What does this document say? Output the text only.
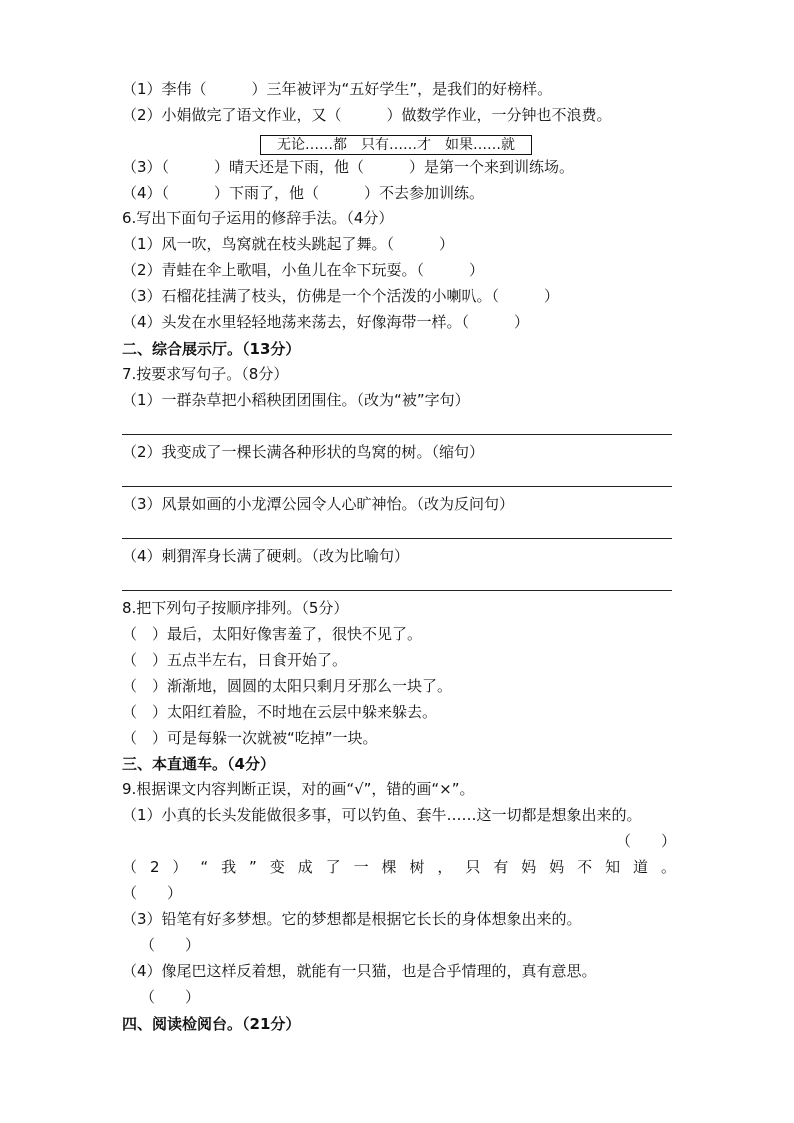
（1）李伟（　　　）三年被评为“五好学生”，是我们的好榜样。
（2）小娟做完了语文作业，又（　　　）做数学作业，一分钟也不浪费。
无论……都　只有……才　如果……就
（3）（　　　）晴天还是下雨，他（　　　）是第一个来到训练场。
（4）（　　　）下雨了，他（　　　）不去参加训练。
6.写出下面句子运用的修辞手法。（4分）
（1）风一吹，鸟窝就在枝头跳起了舞。（　　　）
（2）青蛙在伞上歌唱，小鱼儿在伞下玩耍。（　　　）
（3）石榴花挂满了枝头，仿佛是一个个活泼的小喇叭。（　　　）
（4）头发在水里轻轻地荡来荡去，好像海带一样。（　　　）
二、综合展示厅。（13分）
7.按要求写句子。（8分）
（1）一群杂草把小稻秧团团围住。（改为“被”字句）
（2）我变成了一棵长满各种形状的鸟窝的树。（缩句）
（3）风景如画的小龙潭公园令人心旷神怡。（改为反问句）
（4）刺猬浑身长满了硬刺。（改为比喻句）
8.把下列句子按顺序排列。（5分）
（　）最后，太阳好像害羞了，很快不见了。
（　）五点半左右，日食开始了。
（　）渐渐地，圆圆的太阳只剩月牙那么一块了。
（　）太阳红着脸，不时地在云层中躲来躲去。
（　）可是每躲一次就被“吃掉”一块。
三、本直通车。（4分）
9.根据课文内容判断正误，对的画“√”，错的画“×”。
（1）小真的长头发能做很多事，可以钓鱼、套牛……这一切都是想象出来的。
（　　）
（2）“我”变成了一棵树，只有妈妈不知道。
（　　）
（3）铅笔有好多梦想。它的梦想都是根据它长长的身体想象出来的。
（　　）
（4）像尾巴这样反着想，就能有一只猫，也是合乎情理的，真有意思。
（　　）
四、阅读检阅台。（21分）
